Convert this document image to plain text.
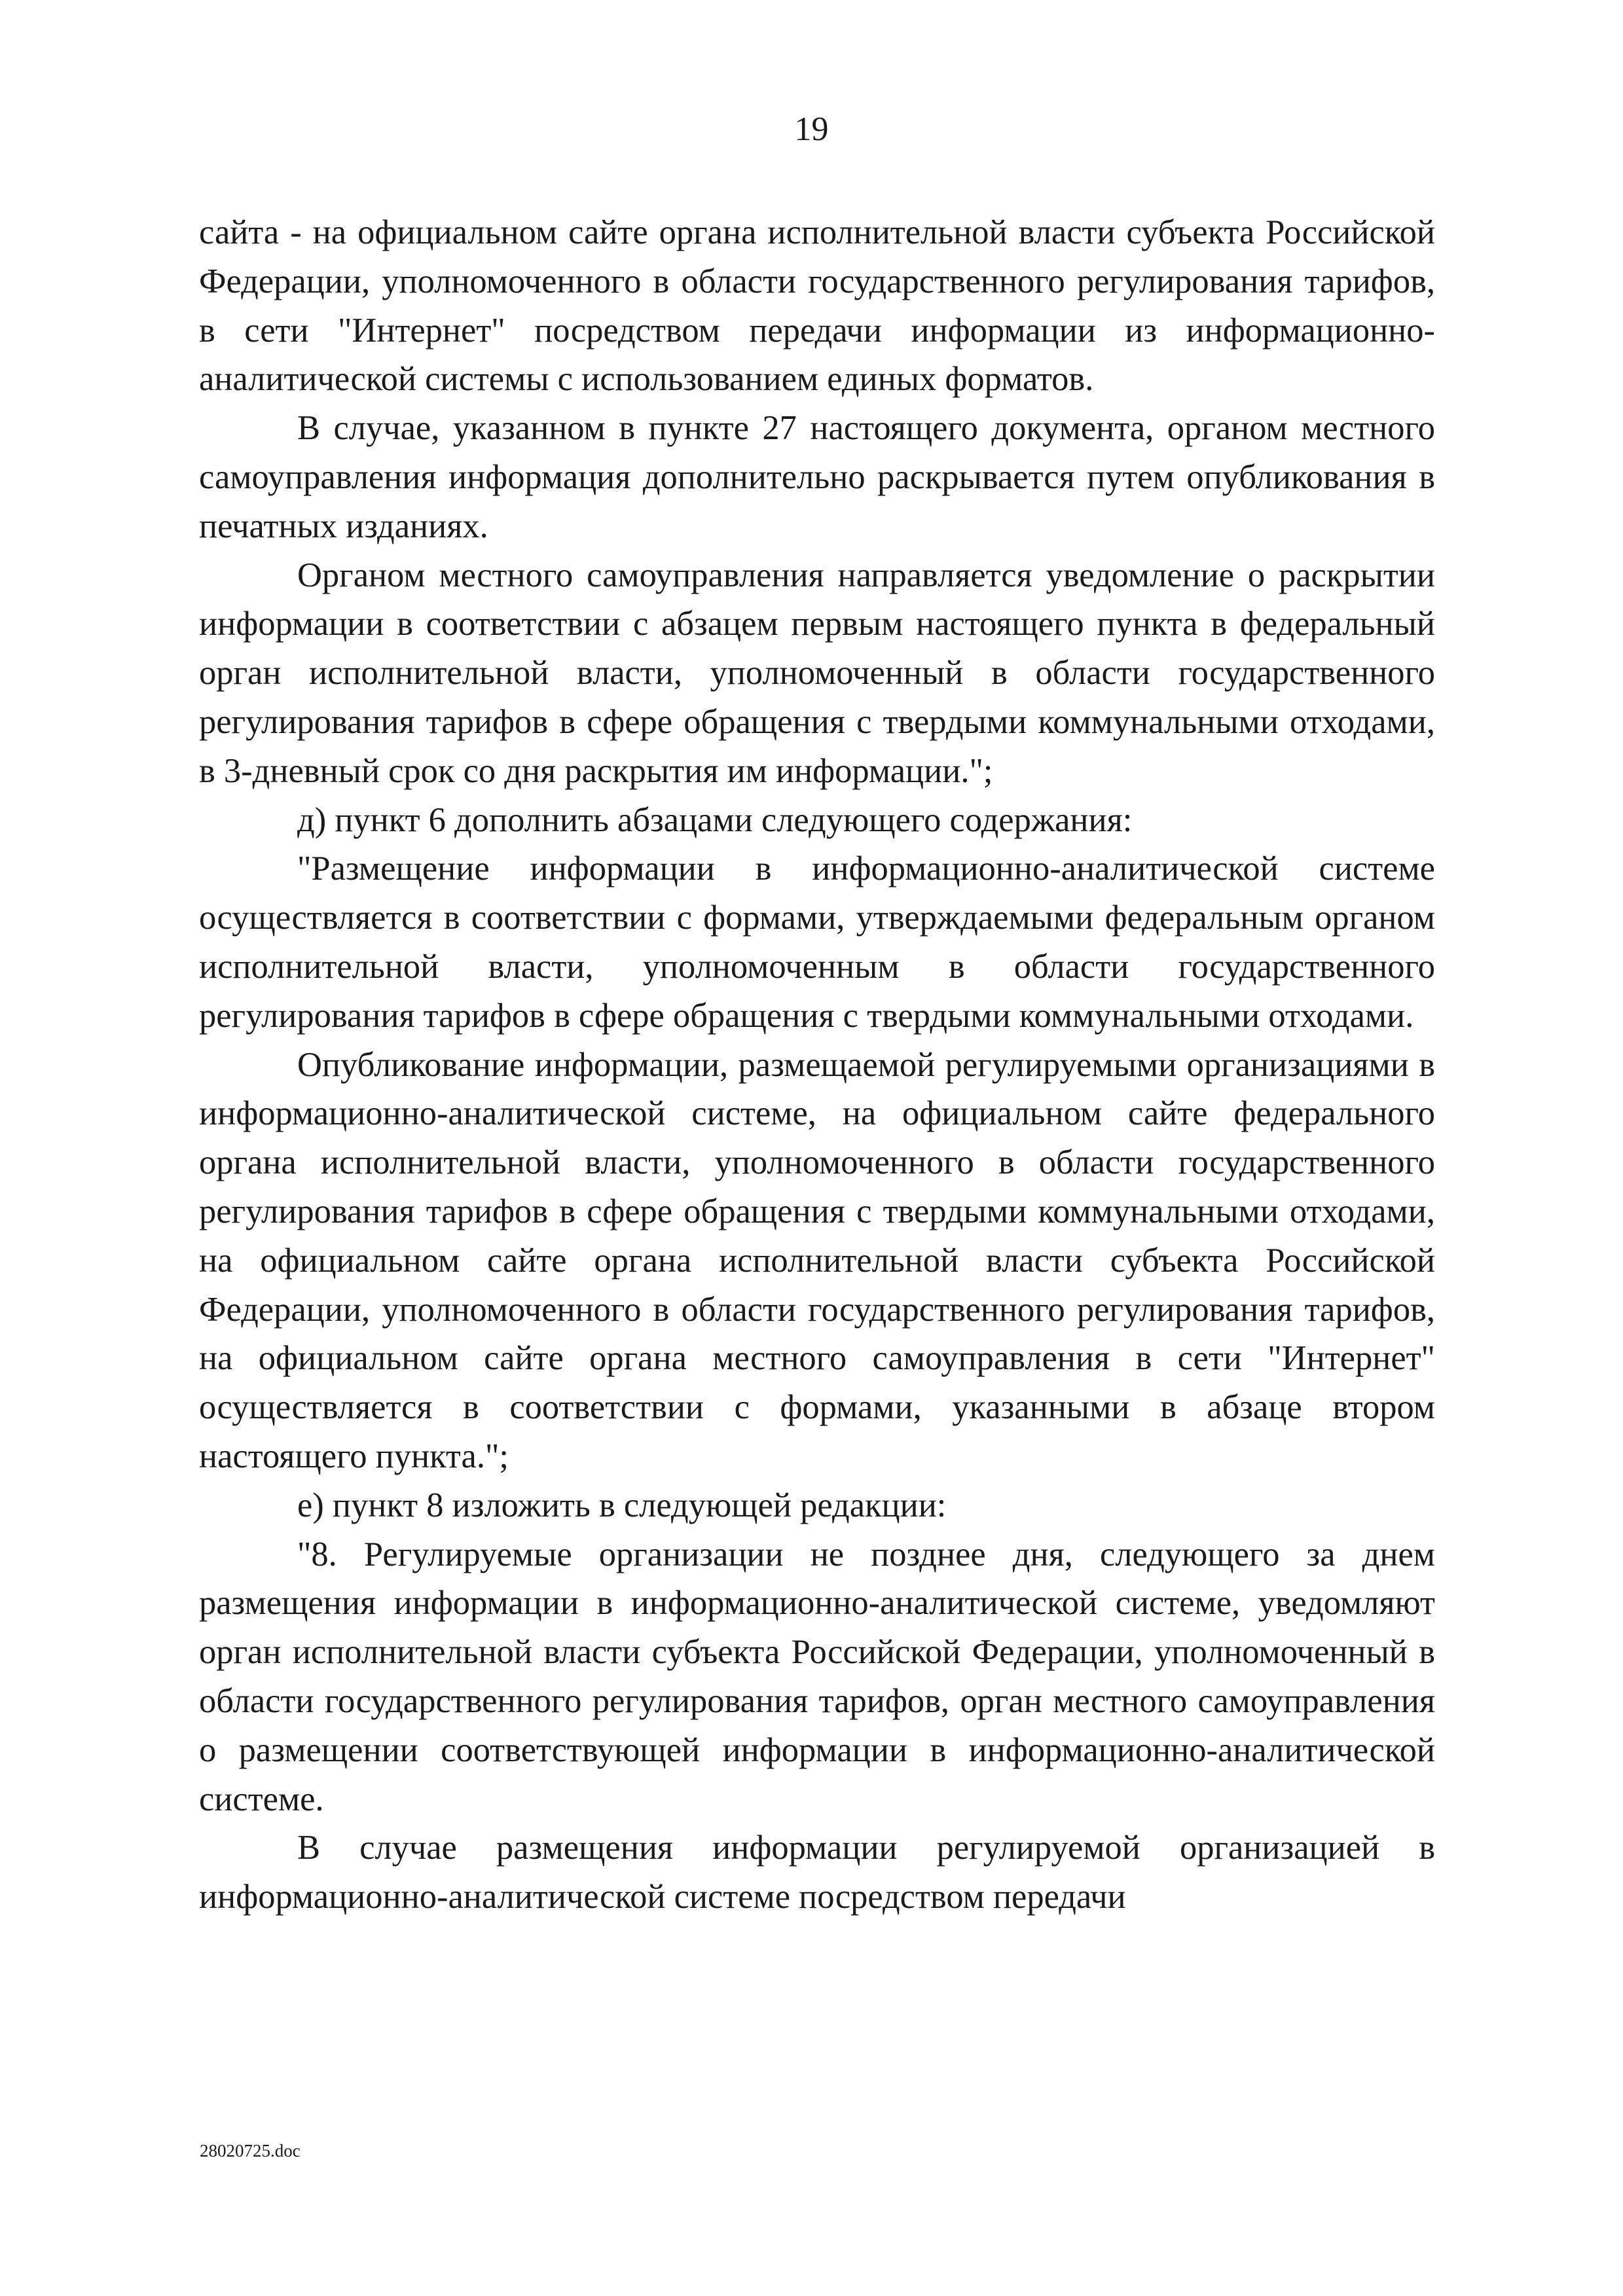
19

сайта - на официальном сайте органа исполнительной власти субъекта Российской Федерации, уполномоченного в области государственного регулирования тарифов, в сети "Интернет" посредством передачи информации из информационно-аналитической системы с использованием единых форматов.

В случае, указанном в пункте 27 настоящего документа, органом местного самоуправления информация дополнительно раскрывается путем опубликования в печатных изданиях.

Органом местного самоуправления направляется уведомление о раскрытии информации в соответствии с абзацем первым настоящего пункта в федеральный орган исполнительной власти, уполномоченный в области государственного регулирования тарифов в сфере обращения с твердыми коммунальными отходами, в 3-дневный срок со дня раскрытия им информации.";

д) пункт 6 дополнить абзацами следующего содержания:

"Размещение информации в информационно-аналитической системе осуществляется в соответствии с формами, утверждаемыми федеральным органом исполнительной власти, уполномоченным в области государственного регулирования тарифов в сфере обращения с твердыми коммунальными отходами.

Опубликование информации, размещаемой регулируемыми организациями в информационно-аналитической системе, на официальном сайте федерального органа исполнительной власти, уполномоченного в области государственного регулирования тарифов в сфере обращения с твердыми коммунальными отходами, на официальном сайте органа исполнительной власти субъекта Российской Федерации, уполномоченного в области государственного регулирования тарифов, на официальном сайте органа местного самоуправления в сети "Интернет" осуществляется в соответствии с формами, указанными в абзаце втором настоящего пункта.";

е) пункт 8 изложить в следующей редакции:

"8. Регулируемые организации не позднее дня, следующего за днем размещения информации в информационно-аналитической системе, уведомляют орган исполнительной власти субъекта Российской Федерации, уполномоченный в области государственного регулирования тарифов, орган местного самоуправления о размещении соответствующей информации в информационно-аналитической системе.

В случае размещения информации регулируемой организацией в информационно-аналитической системе посредством передачи

28020725.doc
